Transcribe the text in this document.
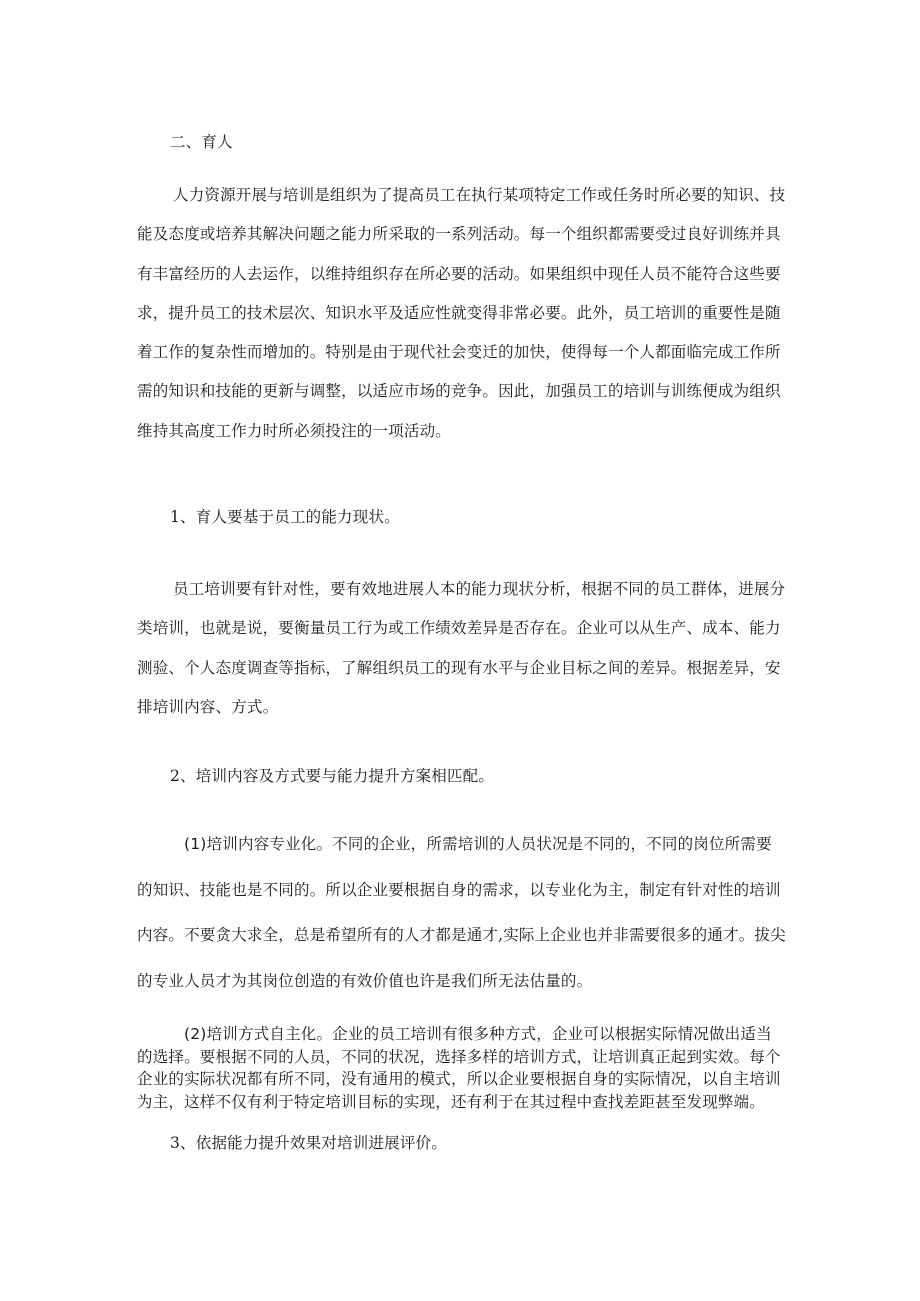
二、育人

人力资源开展与培训是组织为了提高员工在执行某项特定工作或任务时所必要的知识、技能及态度或培养其解决问题之能力所采取的一系列活动。每一个组织都需要受过良好训练并具有丰富经历的人去运作，以维持组织存在所必要的活动。如果组织中现任人员不能符合这些要求，提升员工的技术层次、知识水平及适应性就变得非常必要。此外，员工培训的重要性是随着工作的复杂性而增加的。特别是由于现代社会变迁的加快，使得每一个人都面临完成工作所需的知识和技能的更新与调整，以适应市场的竞争。因此，加强员工的培训与训练便成为组织维持其高度工作力时所必须投注的一项活动。

1、育人要基于员工的能力现状。

员工培训要有针对性，要有效地进展人本的能力现状分析，根据不同的员工群体，进展分类培训，也就是说，要衡量员工行为或工作绩效差异是否存在。企业可以从生产、成本、能力测验、个人态度调查等指标，了解组织员工的现有水平与企业目标之间的差异。根据差异，安排培训内容、方式。

2、培训内容及方式要与能力提升方案相匹配。

(1)培训内容专业化。不同的企业，所需培训的人员状况是不同的，不同的岗位所需要的知识、技能也是不同的。所以企业要根据自身的需求，以专业化为主，制定有针对性的培训内容。不要贪大求全，总是希望所有的人才都是通才,实际上企业也并非需要很多的通才。拔尖的专业人员才为其岗位创造的有效价值也许是我们所无法估量的。

(2)培训方式自主化。企业的员工培训有很多种方式，企业可以根据实际情况做出适当的选择。要根据不同的人员，不同的状况，选择多样的培训方式，让培训真正起到实效。每个企业的实际状况都有所不同，没有通用的模式，所以企业要根据自身的实际情况，以自主培训为主，这样不仅有利于特定培训目标的实现，还有利于在其过程中查找差距甚至发现弊端。

3、依据能力提升效果对培训进展评价。
